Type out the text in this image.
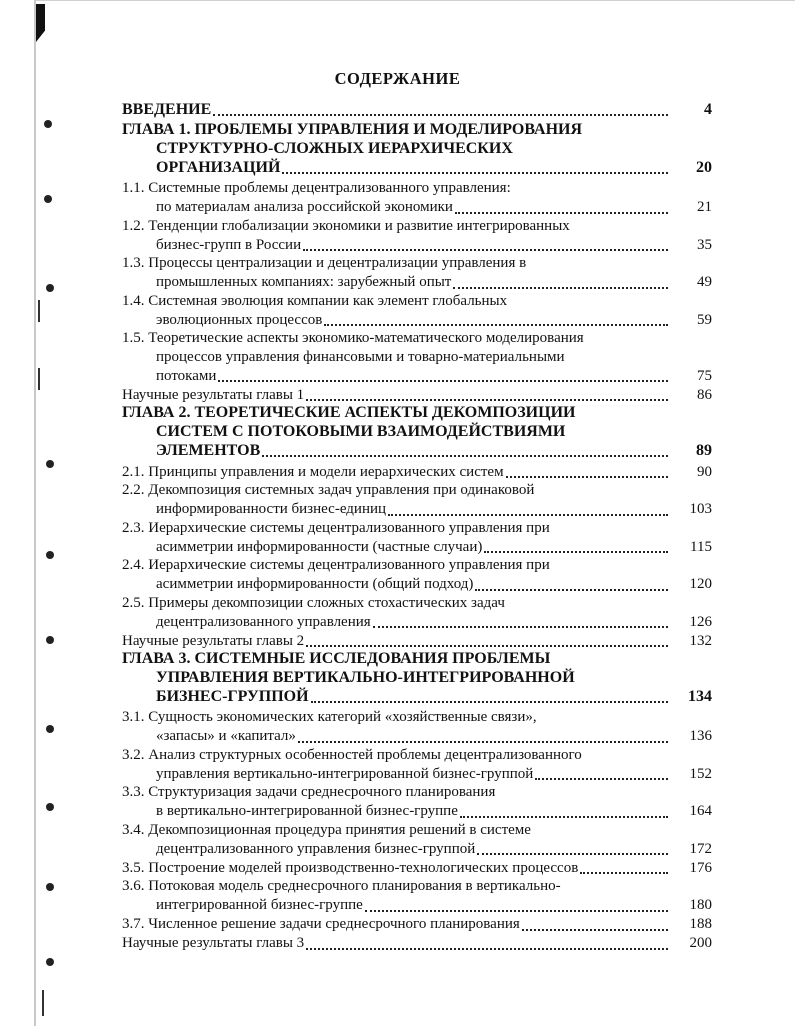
СОДЕРЖАНИЕ
ВВЕДЕНИЕ	4
ГЛАВА 1. ПРОБЛЕМЫ УПРАВЛЕНИЯ И МОДЕЛИРОВАНИЯ
СТРУКТУРНО-СЛОЖНЫХ ИЕРАРХИЧЕСКИХ
ОРГАНИЗАЦИЙ	20
1.1. Системные проблемы децентрализованного управления:
по материалам анализа российской экономики	21
1.2. Тенденции глобализации экономики и развитие интегрированных
бизнес-групп в России	35
1.3. Процессы централизации и децентрализации управления в
промышленных компаниях: зарубежный опыт	49
1.4. Системная эволюция компании как элемент глобальных
эволюционных процессов	59
1.5. Теоретические аспекты экономико-математического моделирования
процессов управления финансовыми и товарно-материальными
потоками	75
Научные результаты главы 1	86
ГЛАВА 2. ТЕОРЕТИЧЕСКИЕ АСПЕКТЫ ДЕКОМПОЗИЦИИ
СИСТЕМ С ПОТОКОВЫМИ ВЗАИМОДЕЙСТВИЯМИ
ЭЛЕМЕНТОВ	89
2.1. Принципы управления и модели иерархических систем	90
2.2. Декомпозиция системных задач управления при одинаковой
информированности бизнес-единиц	103
2.3. Иерархические системы децентрализованного управления при
асимметрии информированности (частные случаи)	115
2.4. Иерархические системы децентрализованного управления при
асимметрии информированности (общий подход)	120
2.5. Примеры декомпозиции сложных стохастических задач
децентрализованного управления	126
Научные результаты главы 2	132
ГЛАВА 3. СИСТЕМНЫЕ ИССЛЕДОВАНИЯ ПРОБЛЕМЫ
УПРАВЛЕНИЯ ВЕРТИКАЛЬНО-ИНТЕГРИРОВАННОЙ
БИЗНЕС-ГРУППОЙ	134
3.1. Сущность экономических категорий «хозяйственные связи»,
«запасы» и «капитал»	136
3.2. Анализ структурных особенностей проблемы децентрализованного
управления вертикально-интегрированной бизнес-группой	152
3.3. Структуризация задачи среднесрочного планирования
в вертикально-интегрированной бизнес-группе	164
3.4. Декомпозиционная процедура принятия решений в системе
децентрализованного управления бизнес-группой	172
3.5. Построение моделей производственно-технологических процессов	176
3.6. Потоковая модель среднесрочного планирования в вертикально-
интегрированной бизнес-группе	180
3.7. Численное решение задачи среднесрочного планирования	188
Научные результаты главы 3	200
